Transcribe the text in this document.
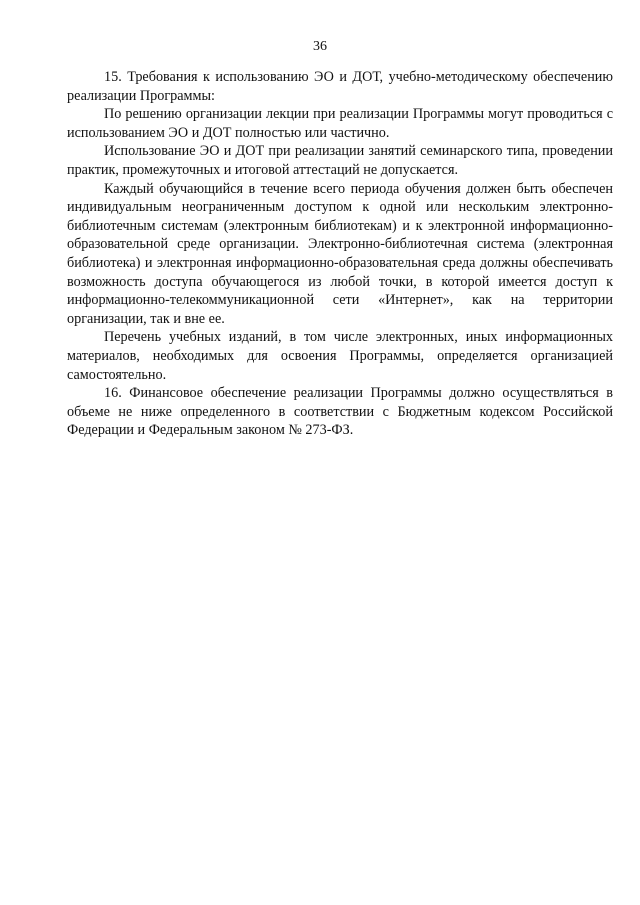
36

15. Требования к использованию ЭО и ДОТ, учебно-методическому обеспечению реализации Программы:

По решению организации лекции при реализации Программы могут проводиться с использованием ЭО и ДОТ полностью или частично.

Использование ЭО и ДОТ при реализации занятий семинарского типа, проведении практик, промежуточных и итоговой аттестаций не допускается.

Каждый обучающийся в течение всего периода обучения должен быть обеспечен индивидуальным неограниченным доступом к одной или нескольким электронно-библиотечным системам (электронным библиотекам) и к электронной информационно-образовательной среде организации. Электронно-библиотечная система (электронная библиотека) и электронная информационно-образовательная среда должны обеспечивать возможность доступа обучающегося из любой точки, в которой имеется доступ к информационно-телекоммуникационной сети «Интернет», как на территории организации, так и вне ее.

Перечень учебных изданий, в том числе электронных, иных информационных материалов, необходимых для освоения Программы, определяется организацией самостоятельно.

16. Финансовое обеспечение реализации Программы должно осуществляться в объеме не ниже определенного в соответствии с Бюджетным кодексом Российской Федерации и Федеральным законом № 273-ФЗ.
